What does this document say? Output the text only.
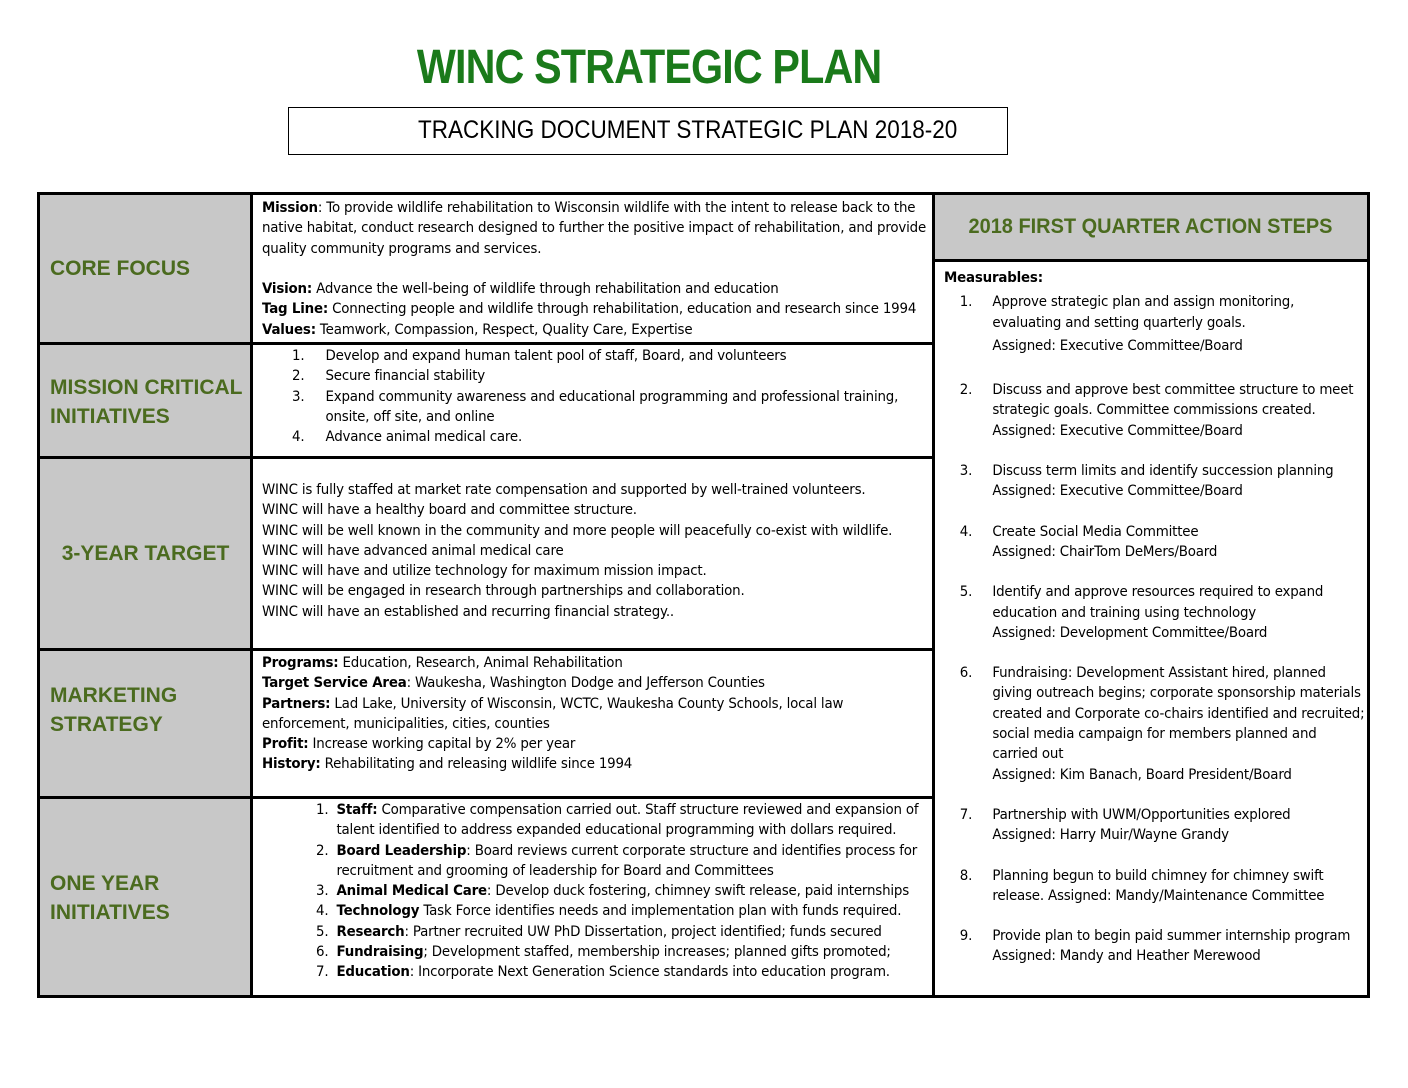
WINC STRATEGIC PLAN
TRACKING DOCUMENT STRATEGIC PLAN 2018-20
CORE FOCUS
MISSION CRITICAL
INITIATIVES
3-YEAR TARGET
MARKETING
STRATEGY
ONE YEAR
INITIATIVES
Mission: To provide wildlife rehabilitation to Wisconsin wildlife with the intent to release back to the
native habitat, conduct research designed to further the positive impact of rehabilitation, and provide
quality community programs and services.
Vision: Advance the well-being of wildlife through rehabilitation and education
Tag Line: Connecting people and wildlife through rehabilitation, education and research since 1994
Values: Teamwork, Compassion, Respect, Quality Care, Expertise
1. Develop and expand human talent pool of staff, Board, and volunteers
2. Secure financial stability
3. Expand community awareness and educational programming and professional training,
onsite, off site, and online
4. Advance animal medical care.
WINC is fully staffed at market rate compensation and supported by well-trained volunteers.
WINC will have a healthy board and committee structure.
WINC will be well known in the community and more people will peacefully co-exist with wildlife.
WINC will have advanced animal medical care
WINC will have and utilize technology for maximum mission impact.
WINC will be engaged in research through partnerships and collaboration.
WINC will have an established and recurring financial strategy..
Programs: Education, Research, Animal Rehabilitation
Target Service Area: Waukesha, Washington Dodge and Jefferson Counties
Partners: Lad Lake, University of Wisconsin, WCTC, Waukesha County Schools, local law
enforcement, municipalities, cities, counties
Profit: Increase working capital by 2% per year
History: Rehabilitating and releasing wildlife since 1994
1. Staff: Comparative compensation carried out. Staff structure reviewed and expansion of
talent identified to address expanded educational programming with dollars required.
2. Board Leadership: Board reviews current corporate structure and identifies process for
recruitment and grooming of leadership for Board and Committees
3. Animal Medical Care: Develop duck fostering, chimney swift release, paid internships
4. Technology Task Force identifies needs and implementation plan with funds required.
5. Research: Partner recruited UW PhD Dissertation, project identified; funds secured
6. Fundraising; Development staffed, membership increases; planned gifts promoted;
7. Education: Incorporate Next Generation Science standards into education program.
2018 FIRST QUARTER ACTION STEPS
Measurables:
1. Approve strategic plan and assign monitoring,
evaluating and setting quarterly goals.
Assigned: Executive Committee/Board
2. Discuss and approve best committee structure to meet
strategic goals. Committee commissions created.
Assigned: Executive Committee/Board
3. Discuss term limits and identify succession planning
Assigned: Executive Committee/Board
4. Create Social Media Committee
Assigned: ChairTom DeMers/Board
5. Identify and approve resources required to expand
education and training using technology
Assigned: Development Committee/Board
6. Fundraising: Development Assistant hired, planned
giving outreach begins; corporate sponsorship materials
created and Corporate co-chairs identified and recruited;
social media campaign for members planned and
carried out
Assigned: Kim Banach, Board President/Board
7. Partnership with UWM/Opportunities explored
Assigned: Harry Muir/Wayne Grandy
8. Planning begun to build chimney for chimney swift
release. Assigned: Mandy/Maintenance Committee
9. Provide plan to begin paid summer internship program
Assigned: Mandy and Heather Merewood
